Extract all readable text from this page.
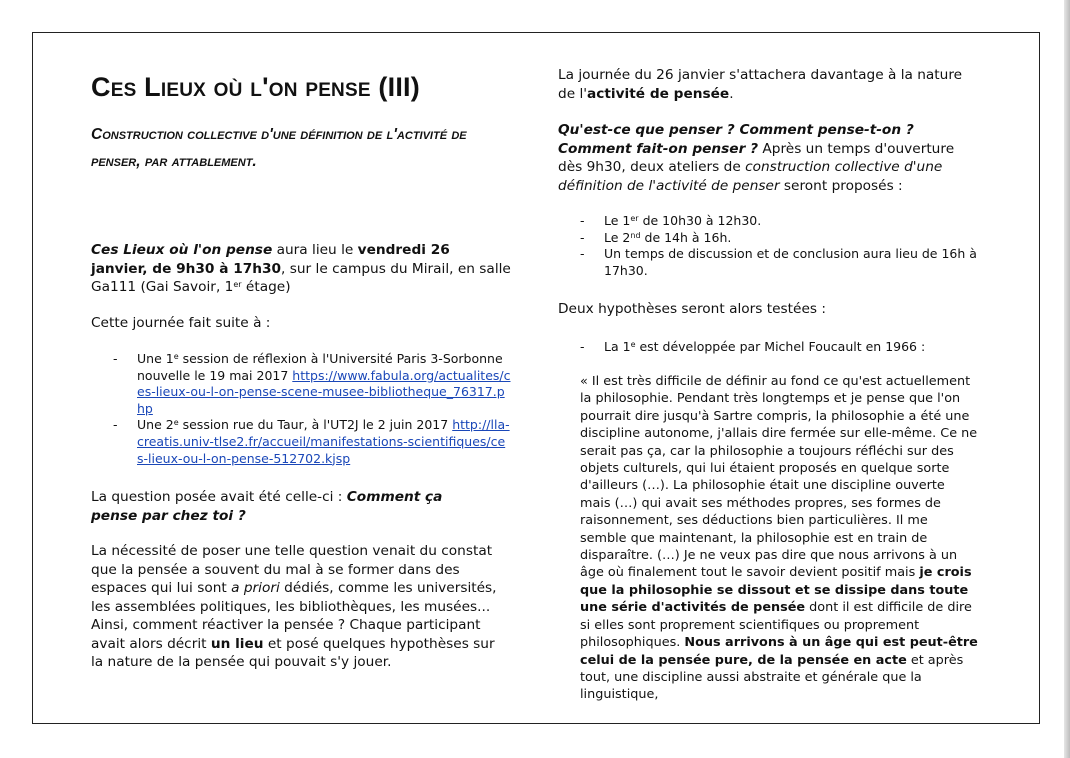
Ces Lieux où l'on pense (III)
Construction collective d'une définition de l'activité de penser, par attablement.

Ces Lieux où l'on pense aura lieu le vendredi 26 janvier, de 9h30 à 17h30, sur le campus du Mirail, en salle Ga111 (Gai Savoir, 1er étage)

Cette journée fait suite à :

- Une 1e session de réflexion à l'Université Paris 3-Sorbonne nouvelle le 19 mai 2017 https://www.fabula.org/actualites/ces-lieux-ou-l-on-pense-scene-musee-bibliotheque_76317.php
- Une 2e session rue du Taur, à l'UT2J le 2 juin 2017 http://lla-creatis.univ-tlse2.fr/accueil/manifestations-scientifiques/ces-lieux-ou-l-on-pense-512702.kjsp

La question posée avait été celle-ci : Comment ça pense par chez toi ?

La nécessité de poser une telle question venait du constat que la pensée a souvent du mal à se former dans des espaces qui lui sont a priori dédiés, comme les universités, les assemblées politiques, les bibliothèques, les musées... Ainsi, comment réactiver la pensée ? Chaque participant avait alors décrit un lieu et posé quelques hypothèses sur la nature de la pensée qui pouvait s'y jouer.

La journée du 26 janvier s'attachera davantage à la nature de l'activité de pensée.

Qu'est-ce que penser ? Comment pense-t-on ? Comment fait-on penser ? Après un temps d'ouverture dès 9h30, deux ateliers de construction collective d'une définition de l'activité de penser seront proposés :

- Le 1er de 10h30 à 12h30.
- Le 2nd de 14h à 16h.
- Un temps de discussion et de conclusion aura lieu de 16h à 17h30.

Deux hypothèses seront alors testées :

- La 1e est développée par Michel Foucault en 1966 :

« Il est très difficile de définir au fond ce qu'est actuellement la philosophie. Pendant très longtemps et je pense que l'on pourrait dire jusqu'à Sartre compris, la philosophie a été une discipline autonome, j'allais dire fermée sur elle-même. Ce ne serait pas ça, car la philosophie a toujours réfléchi sur des objets culturels, qui lui étaient proposés en quelque sorte d'ailleurs (…). La philosophie était une discipline ouverte mais (…) qui avait ses méthodes propres, ses formes de raisonnement, ses déductions bien particulières. Il me semble que maintenant, la philosophie est en train de disparaître. (…) Je ne veux pas dire que nous arrivons à un âge où finalement tout le savoir devient positif mais je crois que la philosophie se dissout et se dissipe dans toute une série d'activités de pensée dont il est difficile de dire si elles sont proprement scientifiques ou proprement philosophiques. Nous arrivons à un âge qui est peut-être celui de la pensée pure, de la pensée en acte et après tout, une discipline aussi abstraite et générale que la linguistique,
